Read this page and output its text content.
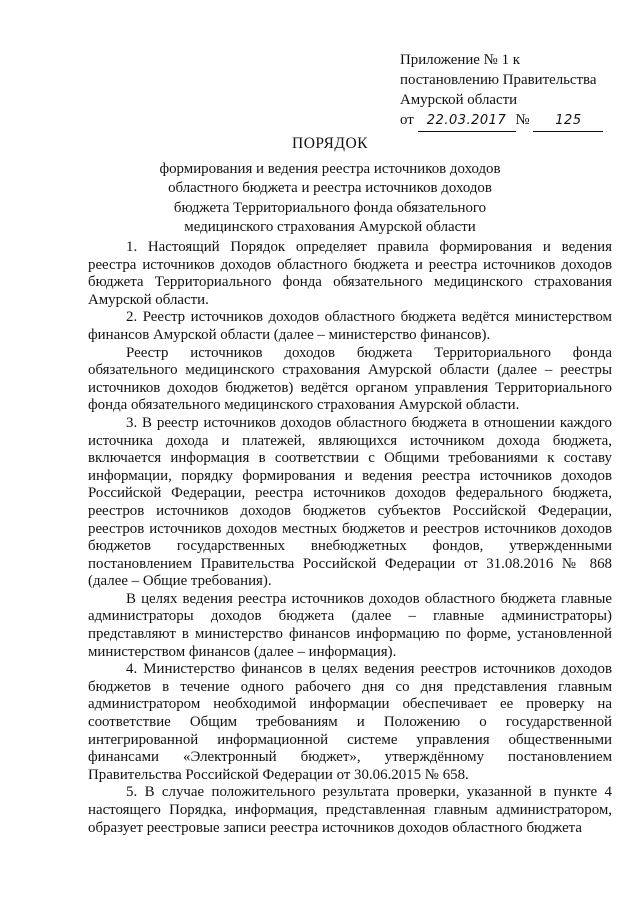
Приложение № 1 к
постановлению Правительства
Амурской области
от 22.03.2017 № 125
ПОРЯДОК
формирования и ведения реестра источников доходов
областного бюджета и реестра источников доходов
бюджета Территориального фонда обязательного
медицинского страхования Амурской области

1. Настоящий Порядок определяет правила формирования и ведения реестра источников доходов областного бюджета и реестра источников доходов бюджета Территориального фонда обязательного медицинского страхования Амурской области.

2. Реестр источников доходов областного бюджета ведётся министерством финансов Амурской области (далее – министерство финансов).

Реестр источников доходов бюджета Территориального фонда обязательного медицинского страхования Амурской области (далее – реестры источников доходов бюджетов) ведётся органом управления Территориального фонда обязательного медицинского страхования Амурской области.

3. В реестр источников доходов областного бюджета в отношении каждого источника дохода и платежей, являющихся источником дохода бюджета, включается информация в соответствии с Общими требованиями к составу информации, порядку формирования и ведения реестра источников доходов Российской Федерации, реестра источников доходов федерального бюджета, реестров источников доходов бюджетов субъектов Российской Федерации, реестров источников доходов местных бюджетов и реестров источников доходов бюджетов государственных внебюджетных фондов, утвержденными постановлением Правительства Российской Федерации от 31.08.2016 № 868 (далее – Общие требования).

В целях ведения реестра источников доходов областного бюджета главные администраторы доходов бюджета (далее – главные администраторы) представляют в министерство финансов информацию по форме, установленной министерством финансов (далее – информация).

4. Министерство финансов в целях ведения реестров источников доходов бюджетов в течение одного рабочего дня со дня представления главным администратором необходимой информации обеспечивает ее проверку на соответствие Общим требованиям и Положению о государственной интегрированной информационной системе управления общественными финансами «Электронный бюджет», утверждённому постановлением Правительства Российской Федерации от 30.06.2015 № 658.

5. В случае положительного результата проверки, указанной в пункте 4 настоящего Порядка, информация, представленная главным администратором, образует реестровые записи реестра источников доходов областного бюджета
